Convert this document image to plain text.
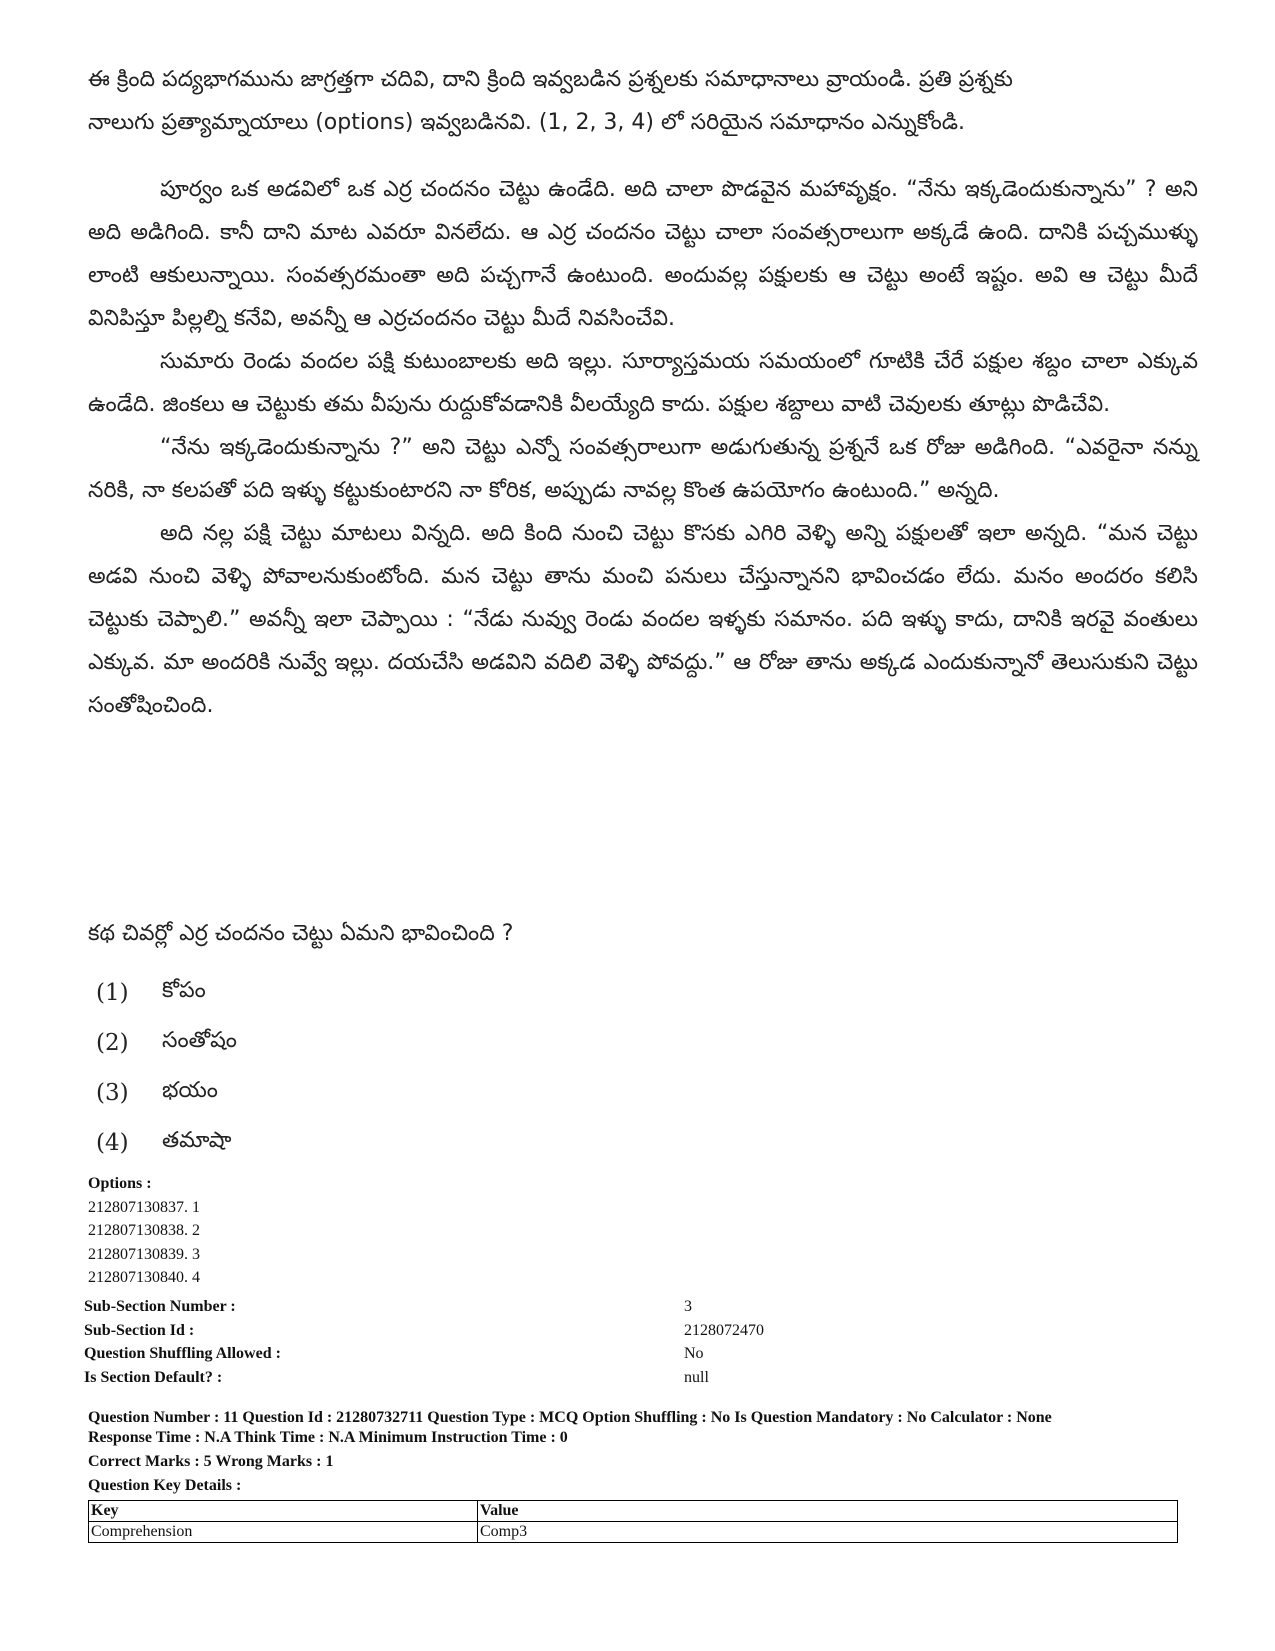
ఈ క్రింది పద్యభాగమును జాగ్రత్తగా చదివి, దాని క్రింది ఇవ్వబడిన ప్రశ్నలకు సమాధానాలు వ్రాయండి. ప్రతి ప్రశ్నకు

నాలుగు ప్రత్యామ్నాయాలు (options) ఇవ్వబడినవి. (1, 2, 3, 4) లో సరియైన సమాధానం ఎన్నుకోండి.

పూర్వం ఒక అడవిలో ఒక ఎర్ర చందనం చెట్టు ఉండేది. అది చాలా పొడవైన మహావృక్షం. “నేను ఇక్కడెందుకున్నాను” ? అని అది అడిగింది. కానీ దాని మాట ఎవరూ వినలేదు. ఆ ఎర్ర చందనం చెట్టు చాలా సంవత్సరాలుగా అక్కడే ఉంది. దానికి పచ్చముళ్ళు లాంటి ఆకులున్నాయి. సంవత్సరమంతా అది పచ్చగానే ఉంటుంది. అందువల్ల పక్షులకు ఆ చెట్టు అంటే ఇష్టం. అవి ఆ చెట్టు మీదే వినిపిస్తూ పిల్లల్ని కనేవి, అవన్నీ ఆ ఎర్రచందనం చెట్టు మీదే నివసించేవి.

సుమారు రెండు వందల పక్షి కుటుంబాలకు అది ఇల్లు. సూర్యాస్తమయ సమయంలో గూటికి చేరే పక్షుల శబ్దం చాలా ఎక్కువ ఉండేది. జింకలు ఆ చెట్టుకు తమ వీపును రుద్దుకోవడానికి వీలయ్యేది కాదు. పక్షుల శబ్దాలు వాటి చెవులకు తూట్లు పొడిచేవి.

“నేను ఇక్కడెందుకున్నాను ?” అని చెట్టు ఎన్నో సంవత్సరాలుగా అడుగుతున్న ప్రశ్ననే ఒక రోజు అడిగింది. “ఎవరైనా నన్ను నరికి, నా కలపతో పది ఇళ్ళు కట్టుకుంటారని నా కోరిక, అప్పుడు నావల్ల కొంత ఉపయోగం ఉంటుంది.” అన్నది.

అది నల్ల పక్షి చెట్టు మాటలు విన్నది. అది కింది నుంచి చెట్టు కొసకు ఎగిరి వెళ్ళి అన్ని పక్షులతో ఇలా అన్నది. “మన చెట్టు అడవి నుంచి వెళ్ళి పోవాలనుకుంటోంది. మన చెట్టు తాను మంచి పనులు చేస్తున్నానని భావించడం లేదు. మనం అందరం కలిసి చెట్టుకు చెప్పాలి.” అవన్నీ ఇలా చెప్పాయి : “నేడు నువ్వు రెండు వందల ఇళ్ళకు సమానం. పది ఇళ్ళు కాదు, దానికి ఇరవై వంతులు ఎక్కువ. మా అందరికి నువ్వే ఇల్లు. దయచేసి అడవిని వదిలి వెళ్ళి పోవద్దు.” ఆ రోజు తాను అక్కడ ఎందుకున్నానో తెలుసుకుని చెట్టు సంతోషించింది.

కథ చివర్లో ఎర్ర చందనం చెట్టు ఏమని భావించింది ?

(1)	కోపం
(2)	సంతోషం
(3)	భయం
(4)	తమాషా
Options :
212807130837. 1
212807130838. 2
212807130839. 3
212807130840. 4
Sub-Section Number :	3
Sub-Section Id :	2128072470
Question Shuffling Allowed :	No
Is Section Default? :	null
Question Number : 11 Question Id : 21280732711 Question Type : MCQ Option Shuffling : No Is Question Mandatory : No Calculator : None
Response Time : N.A Think Time : N.A Minimum Instruction Time : 0
Correct Marks : 5 Wrong Marks : 1
Question Key Details :
Key	Value
Comprehension	Comp3
